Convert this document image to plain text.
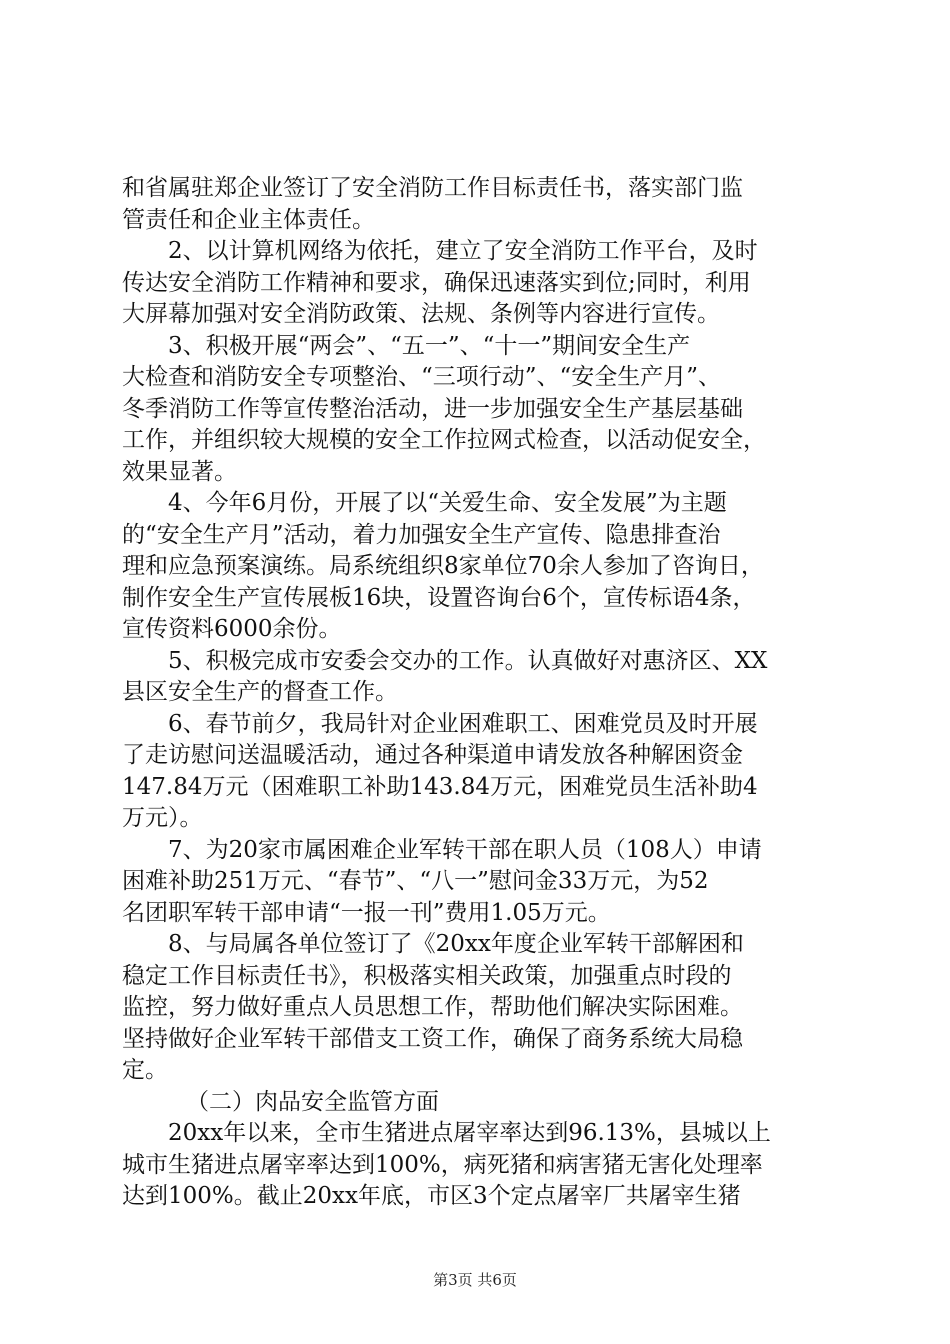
和省属驻郑企业签订了安全消防工作目标责任书，落实部门监
管责任和企业主体责任。
2、以计算机网络为依托，建立了安全消防工作平台，及时
传达安全消防工作精神和要求，确保迅速落实到位;同时，利用
大屏幕加强对安全消防政策、法规、条例等内容进行宣传。
3、积极开展“两会”、“五一”、“十一”期间安全生产
大检查和消防安全专项整治、“三项行动”、“安全生产月”、
冬季消防工作等宣传整治活动，进一步加强安全生产基层基础
工作，并组织较大规模的安全工作拉网式检查，以活动促安全，
效果显著。
4、今年6月份，开展了以“关爱生命、安全发展”为主题
的“安全生产月”活动，着力加强安全生产宣传、隐患排查治
理和应急预案演练。局系统组织8家单位70余人参加了咨询日，
制作安全生产宣传展板16块，设置咨询台6个，宣传标语4条，
宣传资料6000余份。
5、积极完成市安委会交办的工作。认真做好对惠济区、XX
县区安全生产的督查工作。
6、春节前夕，我局针对企业困难职工、困难党员及时开展
了走访慰问送温暖活动，通过各种渠道申请发放各种解困资金
147.84万元（困难职工补助143.84万元，困难党员生活补助4
万元）。
7、为20家市属困难企业军转干部在职人员（108人）申请
困难补助251万元、“春节”、“八一”慰问金33万元，为52
名团职军转干部申请“一报一刊”费用1.05万元。
8、与局属各单位签订了《20xx年度企业军转干部解困和
稳定工作目标责任书》，积极落实相关政策，加强重点时段的
监控，努力做好重点人员思想工作，帮助他们解决实际困难。
坚持做好企业军转干部借支工资工作，确保了商务系统大局稳
定。
（二）肉品安全监管方面
20xx年以来，全市生猪进点屠宰率达到96.13%，县城以上
城市生猪进点屠宰率达到100%，病死猪和病害猪无害化处理率
达到100%。截止20xx年底，市区3个定点屠宰厂共屠宰生猪
第3页 共6页
